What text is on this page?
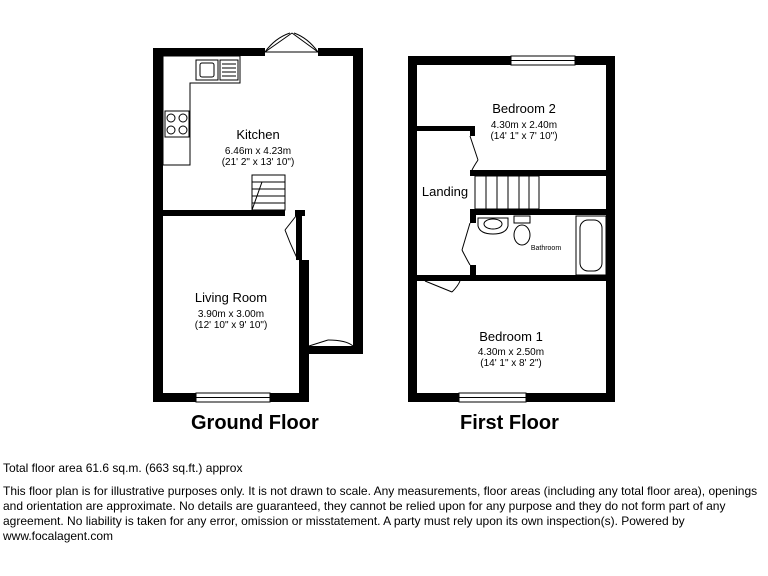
Kitchen
6.46m x 4.23m
(21' 2" x 13' 10")
Living Room
3.90m x 3.00m
(12' 10" x 9' 10")
Bedroom 2
4.30m x 2.40m
(14' 1" x 7' 10")
Landing
Bathroom
Bedroom 1
4.30m x 2.50m
(14' 1" x 8' 2")
Ground Floor	First Floor
Total floor area 61.6 sq.m. (663 sq.ft.) approx
This floor plan is for illustrative purposes only. It is not drawn to scale. Any measurements, floor areas (including any total floor area), openings and orientation are approximate. No details are guaranteed, they cannot be relied upon for any purpose and they do not form part of any agreement. No liability is taken for any error, omission or misstatement. A party must rely upon its own inspection(s). Powered by www.focalagent.com
